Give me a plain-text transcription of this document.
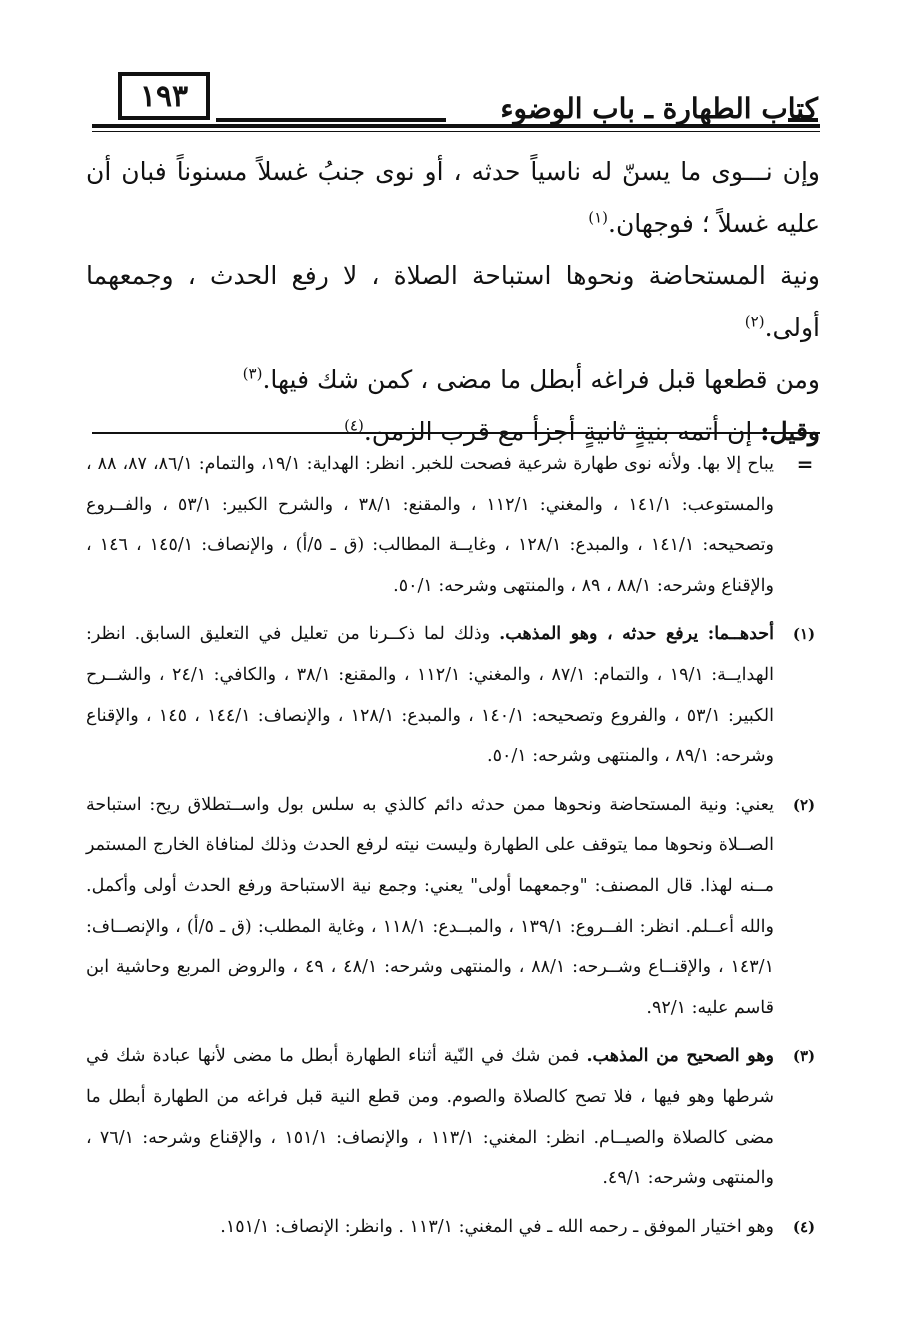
١٩٣	كتاب الطهارة ـ باب الوضوء

وإن نـــوى ما يسنّ له ناسياً حدثه ، أو نوى جنبُ غسلاً مسنوناً فبان أن عليه غسلاً ؛ فوجهان.$^{(١)}$

ونية المستحاضة ونحوها استباحة الصلاة ، لا رفع الحدث ، وجمعهما أولى.$^{(٢)}$

ومن قطعها قبل فراغه أبطل ما مضى ، كمن شك فيها.$^{(٣)}$

وقيل: إن أتمه بنيةٍ ثانيةٍ أجزأ مع قرب الزمن.$^{(٤)}$

=
يباح إلا بها. ولأنه نوى طهارة شرعية فصحت للخبر. انظر: الهداية: ١٩/١، والتمام: ٨٦/١، ٨٧، ٨٨ ، والمستوعب: ١٤١/١ ، والمغني: ١١٢/١ ، والمقنع: ٣٨/١ ، والشرح الكبير: ٥٣/١ ، والفــروع وتصحيحه: ١٤١/١ ، والمبدع: ١٢٨/١ ، وغايــة المطالب: (ق ـ ٥/أ) ، والإنصاف: ١٤٥/١ ، ١٤٦ ، والإقناع وشرحه: ٨٨/١ ، ٨٩ ، والمنتهى وشرحه: ٥٠/١.
(١)
أحدهــما: يرفع حدثه ، وهو المذهب. وذلك لما ذكــرنا من تعليل في التعليق السابق. انظر: الهدايــة: ١٩/١ ، والتمام: ٨٧/١ ، والمغني: ١١٢/١ ، والمقنع: ٣٨/١ ، والكافي: ٢٤/١ ، والشــرح الكبير: ٥٣/١ ، والفروع وتصحيحه: ١٤٠/١ ، والمبدع: ١٢٨/١ ، والإنصاف: ١٤٤/١ ، ١٤٥ ، والإقناع وشرحه: ٨٩/١ ، والمنتهى وشرحه: ٥٠/١.
(٢)
يعني: ونية المستحاضة ونحوها ممن حدثه دائم كالذي به سلس بول واســتطلاق ريح: استباحة الصــلاة ونحوها مما يتوقف على الطهارة وليست نيته لرفع الحدث وذلك لمنافاة الخارج المستمر مــنه لهذا. قال المصنف: "وجمعهما أولى" يعني: وجمع نية الاستباحة ورفع الحدث أولى وأكمل. والله أعــلم. انظر: الفــروع: ١٣٩/١ ، والمبــدع: ١١٨/١ ، وغاية المطلب: (ق ـ ٥/أ) ، والإنصــاف: ١٤٣/١ ، والإقنــاع وشــرحه: ٨٨/١ ، والمنتهى وشرحه: ٤٨/١ ، ٤٩ ، والروض المربع وحاشية ابن قاسم عليه: ٩٢/١.
(٣)
وهو الصحيح من المذهب. فمن شك في النّية أثناء الطهارة أبطل ما مضى لأنها عبادة شك في شرطها وهو فيها ، فلا تصح كالصلاة والصوم. ومن قطع النية قبل فراغه من الطهارة أبطل ما مضى كالصلاة والصيــام. انظر: المغني: ١١٣/١ ، والإنصاف: ١٥١/١ ، والإقناع وشرحه: ٧٦/١ ، والمنتهى وشرحه: ٤٩/١.
(٤)
وهو اختيار الموفق ـ رحمه الله ـ في المغني: ١١٣/١ . وانظر: الإنصاف: ١٥١/١.
